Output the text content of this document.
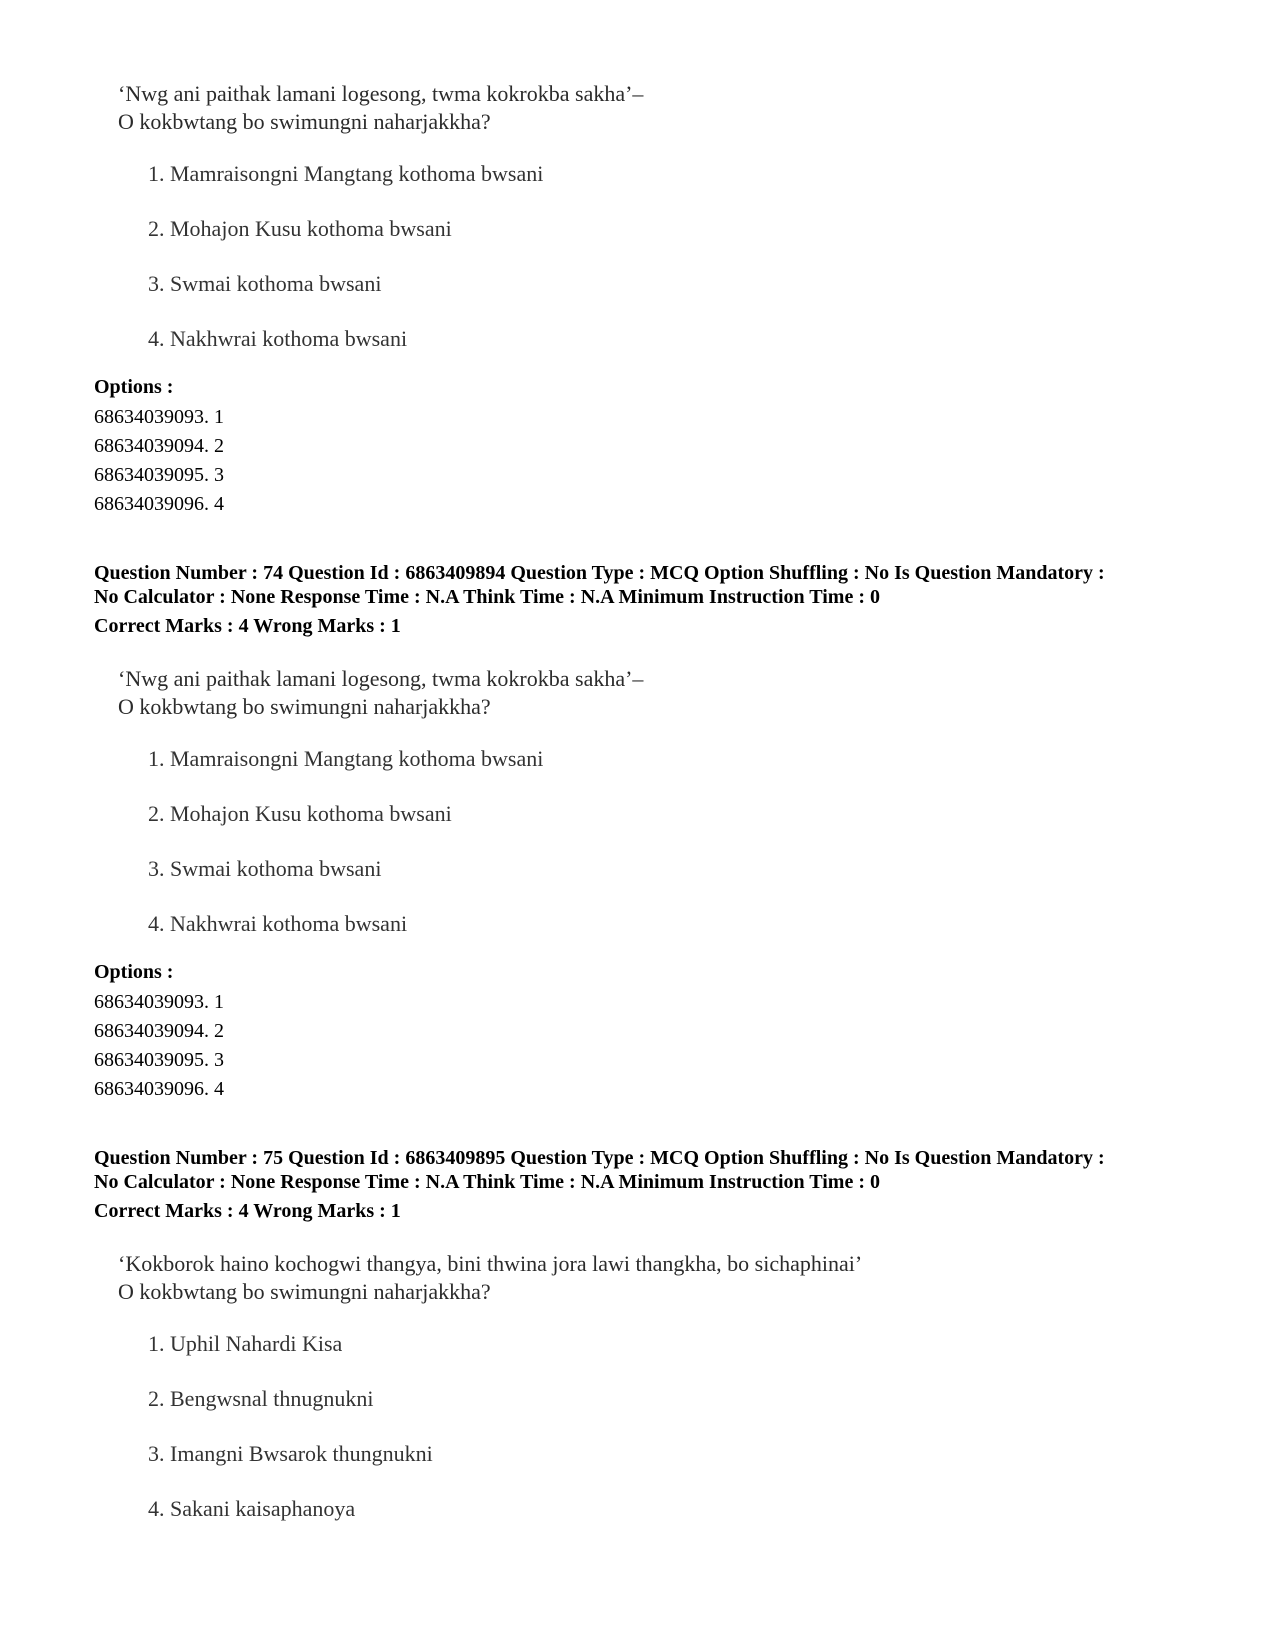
‘Nwg ani paithak lamani logesong, twma kokrokba sakha’–
O kokbwtang bo swimungni naharjakkha?
1. Mamraisongni Mangtang kothoma bwsani
2. Mohajon Kusu kothoma bwsani
3. Swmai kothoma bwsani
4. Nakhwrai kothoma bwsani
Options :
68634039093. 1
68634039094. 2
68634039095. 3
68634039096. 4
Question Number : 74 Question Id : 6863409894 Question Type : MCQ Option Shuffling : No Is Question Mandatory :
No Calculator : None Response Time : N.A Think Time : N.A Minimum Instruction Time : 0
Correct Marks : 4 Wrong Marks : 1
‘Nwg ani paithak lamani logesong, twma kokrokba sakha’–
O kokbwtang bo swimungni naharjakkha?
1. Mamraisongni Mangtang kothoma bwsani
2. Mohajon Kusu kothoma bwsani
3. Swmai kothoma bwsani
4. Nakhwrai kothoma bwsani
Options :
68634039093. 1
68634039094. 2
68634039095. 3
68634039096. 4
Question Number : 75 Question Id : 6863409895 Question Type : MCQ Option Shuffling : No Is Question Mandatory :
No Calculator : None Response Time : N.A Think Time : N.A Minimum Instruction Time : 0
Correct Marks : 4 Wrong Marks : 1
‘Kokborok haino kochogwi thangya, bini thwina jora lawi thangkha, bo sichaphinai’
O kokbwtang bo swimungni naharjakkha?
1. Uphil Nahardi Kisa
2. Bengwsnal thnugnukni
3. Imangni Bwsarok thungnukni
4. Sakani kaisaphanoya
